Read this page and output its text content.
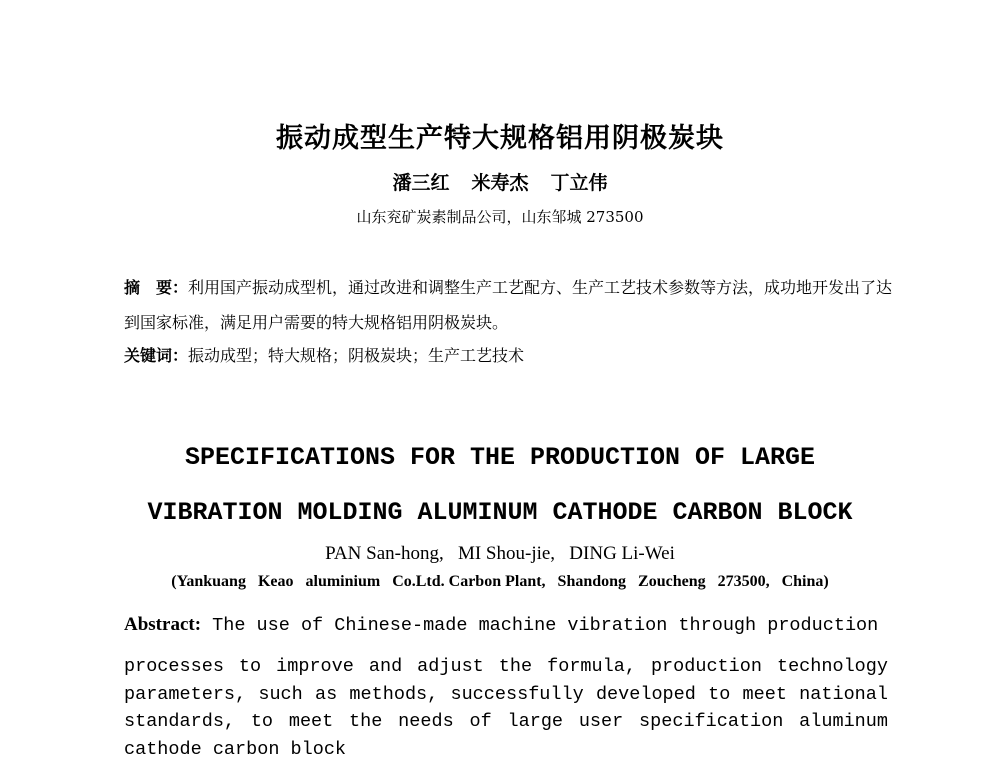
振动成型生产特大规格铝用阴极炭块
潘三红 米寿杰 丁立伟
山东兖矿炭素制品公司，山东邹城 273500
摘　要：利用国产振动成型机，通过改进和调整生产工艺配方、生产工艺技术参数等方法，成功地开发出了达到国家标准，满足用户需要的特大规格铝用阴极炭块。
关键词：振动成型；特大规格；阴极炭块；生产工艺技术
SPECIFICATIONS FOR THE PRODUCTION OF LARGE
VIBRATION MOLDING ALUMINUM CATHODE CARBON BLOCK
PAN San-hong,   MI Shou-jie,   DING Li-Wei
(Yankuang   Keao   aluminium   Co.Ltd. Carbon Plant,   Shandong   Zoucheng   273500,   China)
Abstract: The use of Chinese-made machine vibration through production
processes to improve and adjust the formula, production technology parameters, such as methods, successfully developed to meet national standards, to meet the needs of large user specification aluminum cathode carbon block
